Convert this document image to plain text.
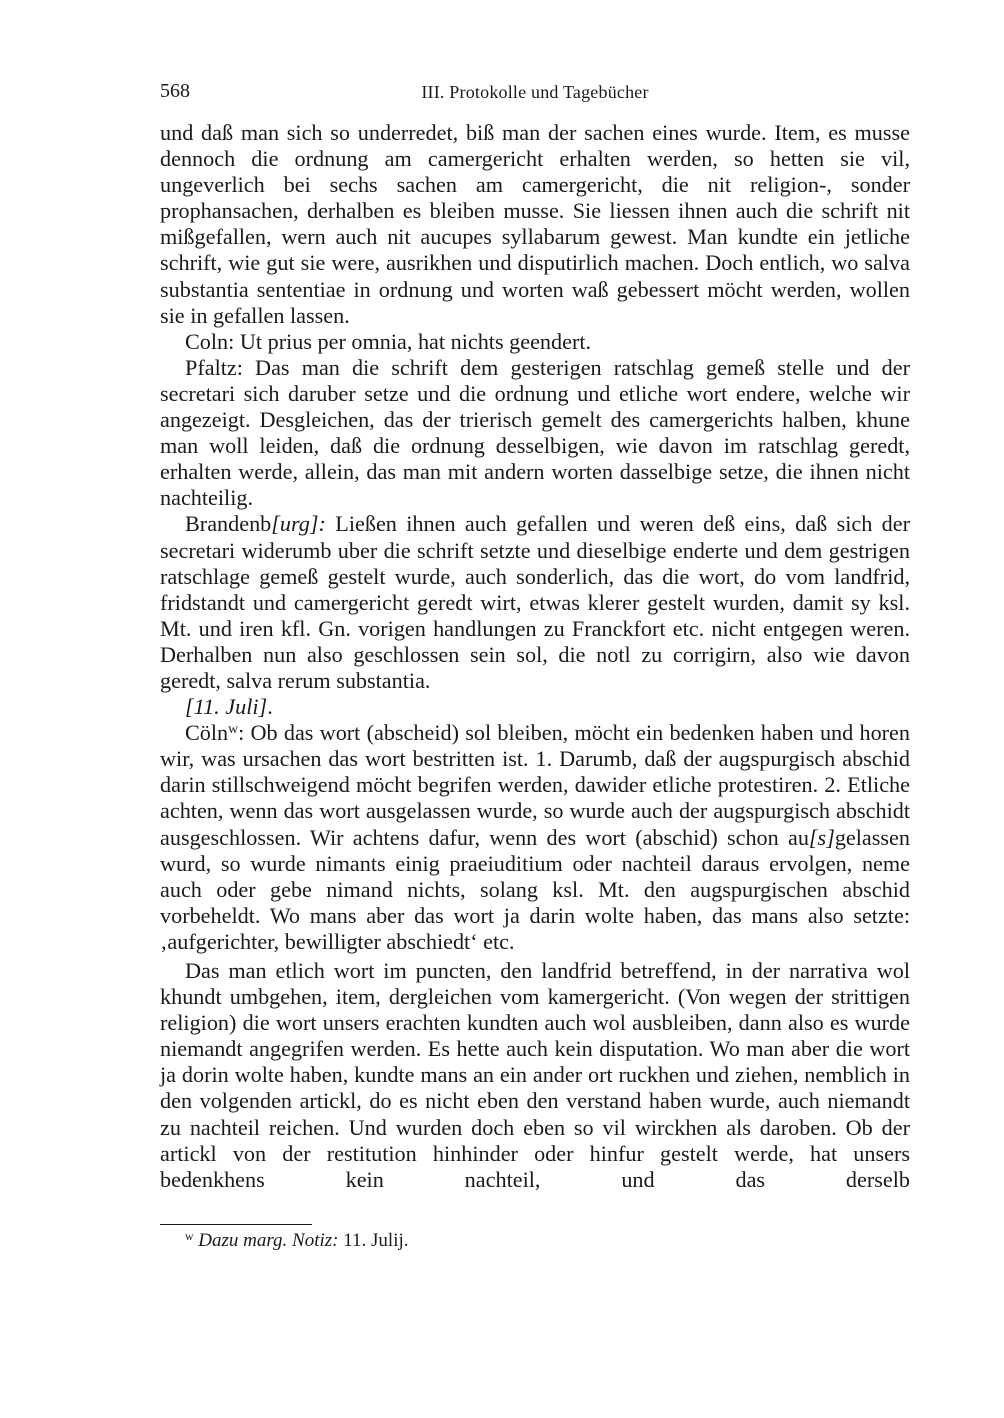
568	III. Protokolle und Tagebücher

und daß man sich so underredet, biß man der sachen eines wurde. Item, es musse dennoch die ordnung am camergericht erhalten werden, so hetten sie vil, ungeverlich bei sechs sachen am camergericht, die nit religion-, sonder prophansachen, derhalben es bleiben musse. Sie liessen ihnen auch die schrift nit mißgefallen, wern auch nit aucupes syllabarum gewest. Man kundte ein jetliche schrift, wie gut sie were, ausrikhen und disputirlich machen. Doch entlich, wo salva substantia sententiae in ordnung und worten waß gebessert möcht werden, wollen sie in gefallen lassen.

Coln: Ut prius per omnia, hat nichts geendert.

Pfaltz: Das man die schrift dem gesterigen ratschlag gemeß stelle und der secretari sich daruber setze und die ordnung und etliche wort endere, welche wir angezeigt. Desgleichen, das der trierisch gemelt des camergerichts halben, khune man woll leiden, daß die ordnung desselbigen, wie davon im ratschlag geredt, erhalten werde, allein, das man mit andern worten dasselbige setze, die ihnen nicht nachteilig.

Brandenb[urg]: Ließen ihnen auch gefallen und weren deß eins, daß sich der secretari widerumb uber die schrift setzte und dieselbige enderte und dem gestrigen ratschlage gemeß gestelt wurde, auch sonderlich, das die wort, do vom landfrid, fridstandt und camergericht geredt wirt, etwas klerer gestelt wurden, damit sy ksl. Mt. und iren kfl. Gn. vorigen handlungen zu Franckfort etc. nicht entgegen weren. Derhalben nun also geschlossen sein sol, die notl zu corrigirn, also wie davon geredt, salva rerum substantia.

[11. Juli].

Cöln$^w$: Ob das wort (abscheid) sol bleiben, möcht ein bedenken haben und horen wir, was ursachen das wort bestritten ist. 1. Darumb, daß der augspurgisch abschid darin stillschweigend möcht begrifen werden, dawider etliche protestiren. 2. Etliche achten, wenn das wort ausgelassen wurde, so wurde auch der augspurgisch abschidt ausgeschlossen. Wir achtens dafur, wenn des wort (abschid) schon au[s]gelassen wurd, so wurde nimants einig praeiuditium oder nachteil daraus ervolgen, neme auch oder gebe nimand nichts, solang ksl. Mt. den augspurgischen abschid vorbeheldt. Wo mans aber das wort ja darin wolte haben, das mans also setzte: ‚aufgerichter, bewilligter abschiedt‘ etc.

Das man etlich wort im puncten, den landfrid betreffend, in der narrativa wol khundt umbgehen, item, dergleichen vom kamergericht. (Von wegen der strittigen religion) die wort unsers erachten kundten auch wol ausbleiben, dann also es wurde niemandt angegrifen werden. Es hette auch kein disputation. Wo man aber die wort ja dorin wolte haben, kundte mans an ein ander ort ruckhen und ziehen, nemblich in den volgenden artickl, do es nicht eben den verstand haben wurde, auch niemandt zu nachteil reichen. Und wurden doch eben so vil wirckhen als daroben. Ob der artickl von der restitution hinhinder oder hinfur gestelt werde, hat unsers bedenkhens kein nachteil, und das derselb

$^w$ Dazu marg. Notiz: 11. Julij.
